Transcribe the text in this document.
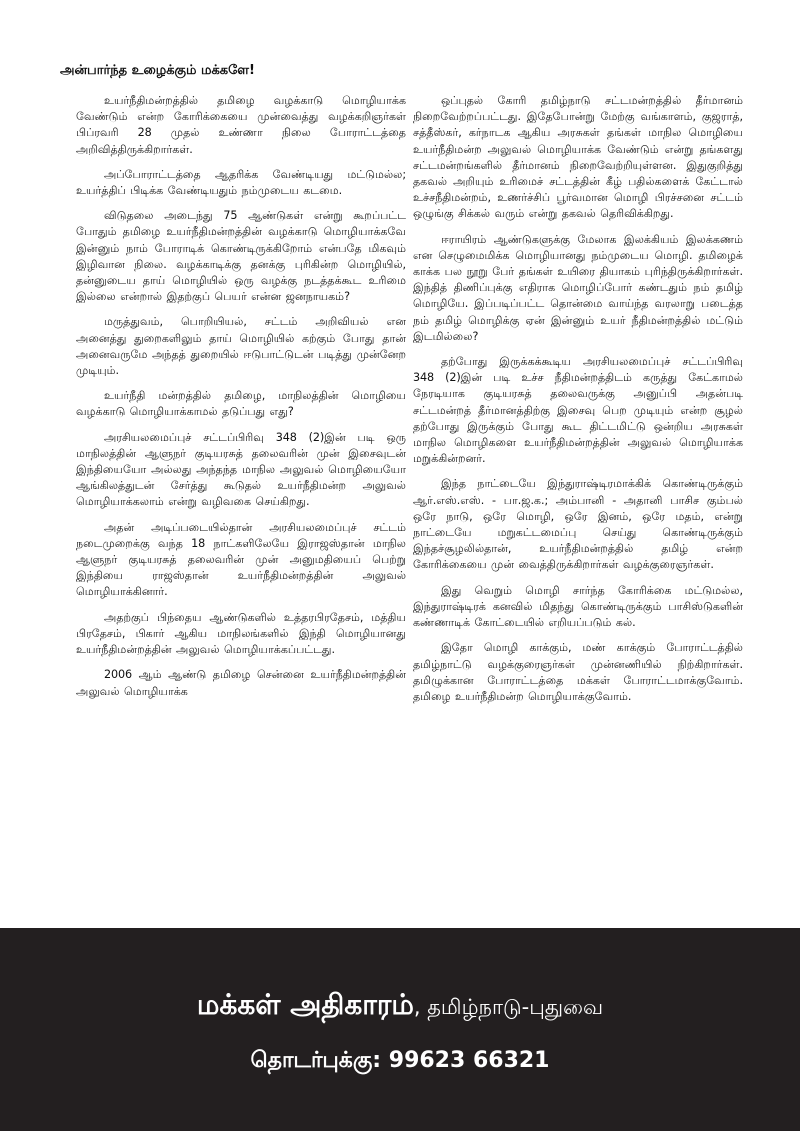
அன்பார்ந்த உழைக்கும் மக்களே!

உயர்நீதிமன்றத்தில் தமிழை வழக்காடு மொழியாக்க வேண்டும் என்ற கோரிக்கையை முன்வைத்து வழக்கறிஞர்கள் பிப்ரவரி 28 முதல் உண்ணா நிலை போராட்டத்தை அறிவித்திருக்கிறார்கள்.

அப்போராட்டத்தை ஆதரிக்க வேண்டியது மட்டுமல்ல; உயர்த்திப் பிடிக்க வேண்டியதும் நம்முடைய கடமை.

விடுதலை அடைந்து 75 ஆண்டுகள் என்று கூறப்பட்ட போதும் தமிழை உயர்நீதிமன்றத்தின் வழக்காடு மொழியாக்கவே இன்னும் நாம் போராடிக் கொண்டிருக்கிறோம் என்பதே மிகவும் இழிவான நிலை. வழக்காடிக்கு தனக்கு புரிகின்ற மொழியில், தன்னுடைய தாய் மொழியில் ஒரு வழக்கு நடத்தக்கூட உரிமை இல்லை என்றால் இதற்குப் பெயர் என்ன ஜனநாயகம்?

மருத்துவம், பொறியியல், சட்டம் அறிவியல் என அனைத்து துறைகளிலும் தாய் மொழியில் கற்கும் போது தான் அனைவருமே அந்தத் துறையில் ஈடுபாட்டுடன் படித்து முன்னேற முடியும்.

உயர்நீதி மன்றத்தில் தமிழை, மாநிலத்தின் மொழியை வழக்காடு மொழியாக்காமல் தடுப்பது எது?

அரசியலமைப்புச் சட்டப்பிரிவு 348 (2)இன் படி ஒரு மாநிலத்தின் ஆளுநர் குடியரசுத் தலைவரின் முன் இசைவுடன் இந்தியையோ அல்லது அந்தந்த மாநில அலுவல் மொழியையோ ஆங்கிலத்துடன் சேர்த்து கூடுதல் உயர்நீதிமன்ற அலுவல் மொழியாக்கலாம் என்று வழிவகை செய்கிறது.

அதன் அடிப்படையில்தான் அரசியலமைப்புச் சட்டம் நடைமுறைக்கு வந்த 18 நாட்களிலேயே இராஜஸ்தான் மாநில ஆளுநர் குடியரசுத் தலைவரின் முன் அனுமதியைப் பெற்று இந்தியை ராஜஸ்தான் உயர்நீதிமன்றத்தின் அலுவல் மொழியாக்கினார்.

அதற்குப் பிந்தைய ஆண்டுகளில் உத்தரபிரதேசம், மத்திய பிரதேசம், பிகார் ஆகிய மாநிலங்களில் இந்தி மொழியானது உயர்நீதிமன்றத்தின் அலுவல் மொழியாக்கப்பட்டது.

2006 ஆம் ஆண்டு தமிழை சென்னை உயர்நீதிமன்றத்தின் அலுவல் மொழியாக்க

ஒப்புதல் கோரி தமிழ்நாடு சட்டமன்றத்தில் தீர்மானம் நிறைவேற்றப்பட்டது. இதேபோன்று மேற்கு வங்காளம், குஜராத், சத்தீஸ்கர், கர்நாடக ஆகிய அரசுகள் தங்கள் மாநில மொழியை உயர்நீதிமன்ற அலுவல் மொழியாக்க வேண்டும் என்று தங்களது சட்டமன்றங்களில் தீர்மானம் நிறைவேற்றியுள்ளன. இதுகுறித்து தகவல் அறியும் உரிமைச் சட்டத்தின் கீழ் பதில்களைக் கேட்டால் உச்சநீதிமன்றம், உணர்ச்சிப் பூர்வமான மொழி பிரச்சனை சட்டம் ஒழுங்கு சிக்கல் வரும் என்று தகவல் தெரிவிக்கிறது.

ஈராயிரம் ஆண்டுகளுக்கு மேலாக இலக்கியம் இலக்கணம் என செழுமைமிக்க மொழியானது நம்முடைய மொழி. தமிழைக் காக்க பல நூறு பேர் தங்கள் உயிரை தியாகம் புரிந்திருக்கிறார்கள். இந்தித் திணிப்புக்கு எதிராக மொழிப்போர் கண்டதும் நம் தமிழ் மொழியே. இப்படிப்பட்ட தொன்மை வாய்ந்த வரலாறு படைத்த நம் தமிழ் மொழிக்கு ஏன் இன்னும் உயர் நீதிமன்றத்தில் மட்டும் இடமில்லை?

தற்போது இருக்கக்கூடிய அரசியலமைப்புச் சட்டப்பிரிவு 348 (2)இன் படி உச்ச நீதிமன்றத்திடம் கருத்து கேட்காமல் நேரடியாக குடியரசுத் தலைவருக்கு அனுப்பி அதன்படி சட்டமன்றத் தீர்மானத்திற்கு இசைவு பெற முடியும் என்ற சூழல் தற்போது இருக்கும் போது கூட திட்டமிட்டு ஒன்றிய அரசுகள் மாநில மொழிகளை உயர்நீதிமன்றத்தின் அலுவல் மொழியாக்க மறுக்கின்றனர்.

இந்த நாட்டையே இந்துராஷ்டிரமாக்கிக் கொண்டிருக்கும் ஆர்.எஸ்.எஸ். - பா.ஜ.க.; அம்பானி - அதானி பாசிச கும்பல் ஒரே நாடு, ஒரே மொழி, ஒரே இனம், ஒரே மதம், என்று நாட்டையே மறுகட்டமைப்பு செய்து கொண்டிருக்கும் இந்தச்சூழலில்தான், உயர்நீதிமன்றத்தில் தமிழ் என்ற கோரிக்கையை முன் வைத்திருக்கிறார்கள் வழக்குரைஞர்கள்.

இது வெறும் மொழி சார்ந்த கோரிக்கை மட்டுமல்ல, இந்துராஷ்டிரக் கனவில் மிதந்து கொண்டிருக்கும் பாசிஸ்டுகளின் கண்ணாடிக் கோட்டையில் எறியப்படும் கல்.

இதோ மொழி காக்கும், மண் காக்கும் போராட்டத்தில் தமிழ்நாட்டு வழக்குரைஞர்கள் முன்னணியில் நிற்கிறார்கள். தமிழுக்கான போராட்டத்தை மக்கள் போராட்டமாக்குவோம். தமிழை உயர்நீதிமன்ற மொழியாக்குவோம்.

மக்கள் அதிகாரம், தமிழ்நாடு-புதுவை
தொடர்புக்கு: 99623 66321
